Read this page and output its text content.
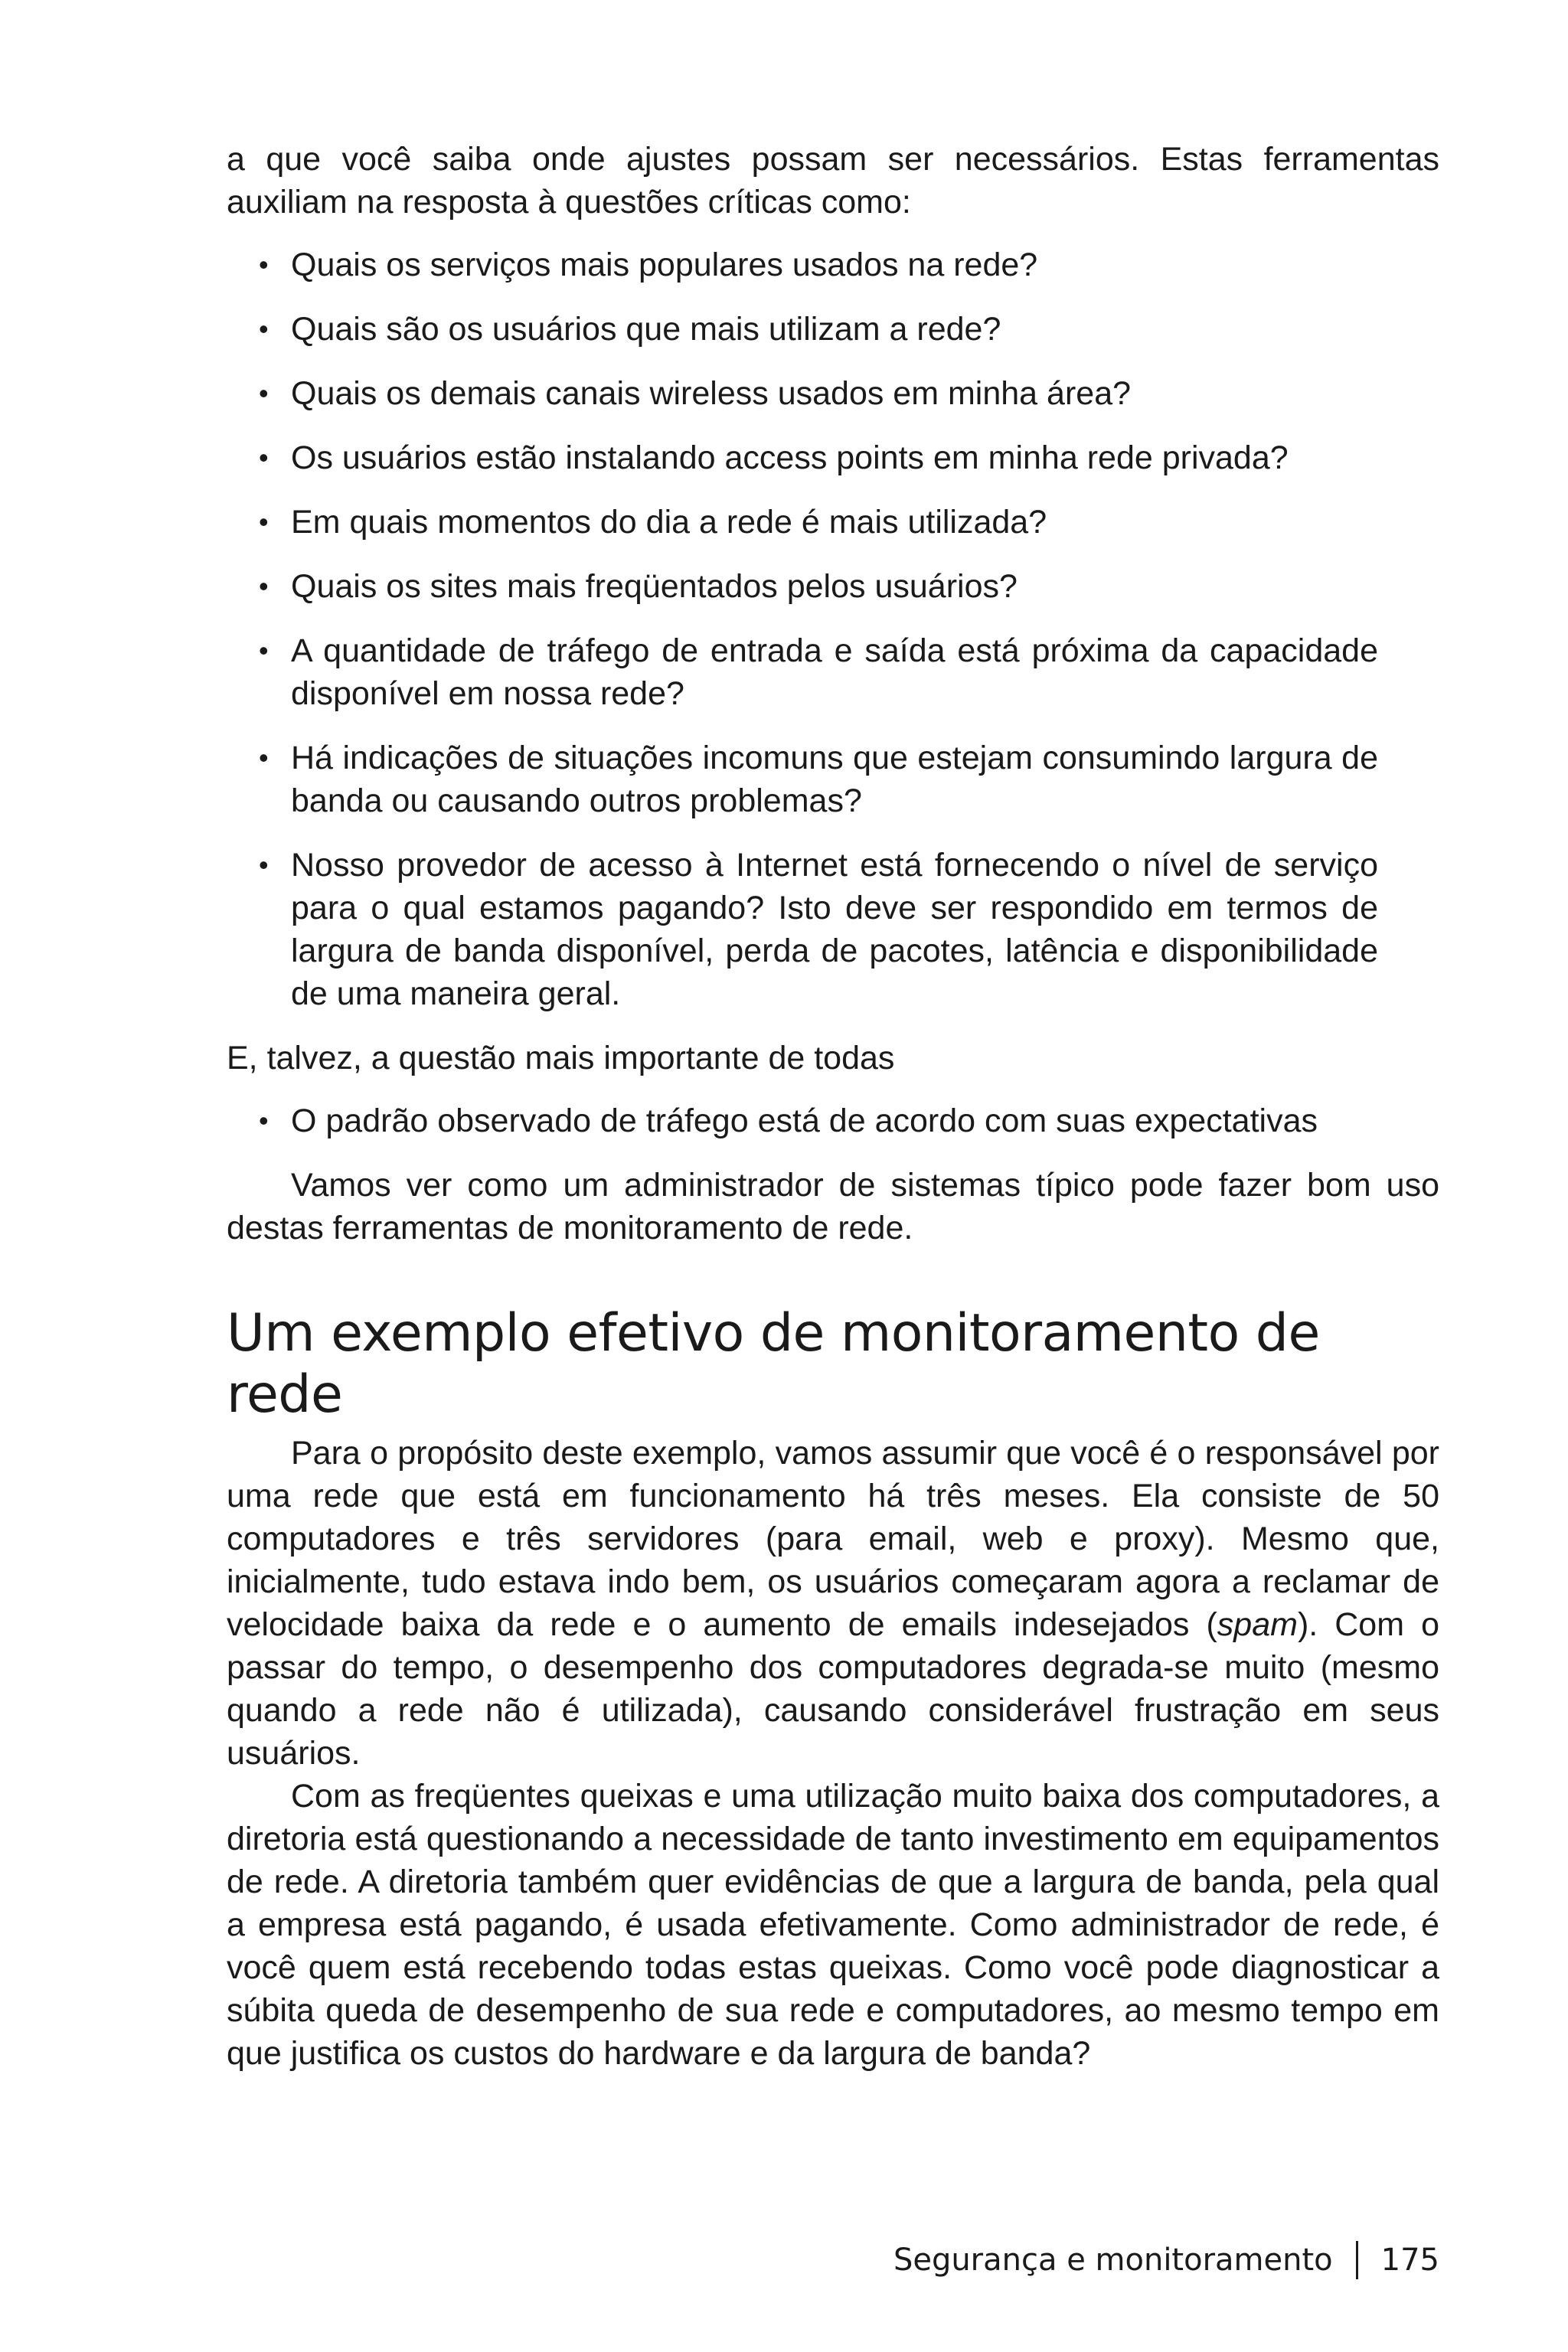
a que você saiba onde ajustes possam ser necessários. Estas ferramentas auxiliam na resposta à questões críticas como:

• Quais os serviços mais populares usados na rede?
• Quais são os usuários que mais utilizam a rede?
• Quais os demais canais wireless usados em minha área?
• Os usuários estão instalando access points em minha rede privada?
• Em quais momentos do dia a rede é mais utilizada?
• Quais os sites mais freqüentados pelos usuários?
• A quantidade de tráfego de entrada e saída está próxima da capacidade disponível em nossa rede?
• Há indicações de situações incomuns que estejam consumindo largura de banda ou causando outros problemas?
• Nosso provedor de acesso à Internet está fornecendo o nível de serviço para o qual estamos pagando? Isto deve ser respondido em termos de largura de banda disponível, perda de pacotes, latência e disponibilidade de uma maneira geral.

E, talvez, a questão mais importante de todas

• O padrão observado de tráfego está de acordo com suas expectativas

Vamos ver como um administrador de sistemas típico pode fazer bom uso destas ferramentas de monitoramento de rede.

Um exemplo efetivo de monitoramento de rede

Para o propósito deste exemplo, vamos assumir que você é o responsável por uma rede que está em funcionamento há três meses. Ela consiste de 50 computadores e três servidores (para email, web e proxy). Mesmo que, inicialmente, tudo estava indo bem, os usuários começaram agora a reclamar de velocidade baixa da rede e o aumento de emails indesejados (spam). Com o passar do tempo, o desempenho dos computadores degrada-se muito (mesmo quando a rede não é utilizada), causando considerável frustração em seus usuários.

Com as freqüentes queixas e uma utilização muito baixa dos computadores, a diretoria está questionando a necessidade de tanto investimento em equipamentos de rede. A diretoria também quer evidências de que a largura de banda, pela qual a empresa está pagando, é usada efetivamente. Como administrador de rede, é você quem está recebendo todas estas queixas. Como você pode diagnosticar a súbita queda de desempenho de sua rede e computadores, ao mesmo tempo em que justifica os custos do hardware e da largura de banda?

Segurança e monitoramento 175
